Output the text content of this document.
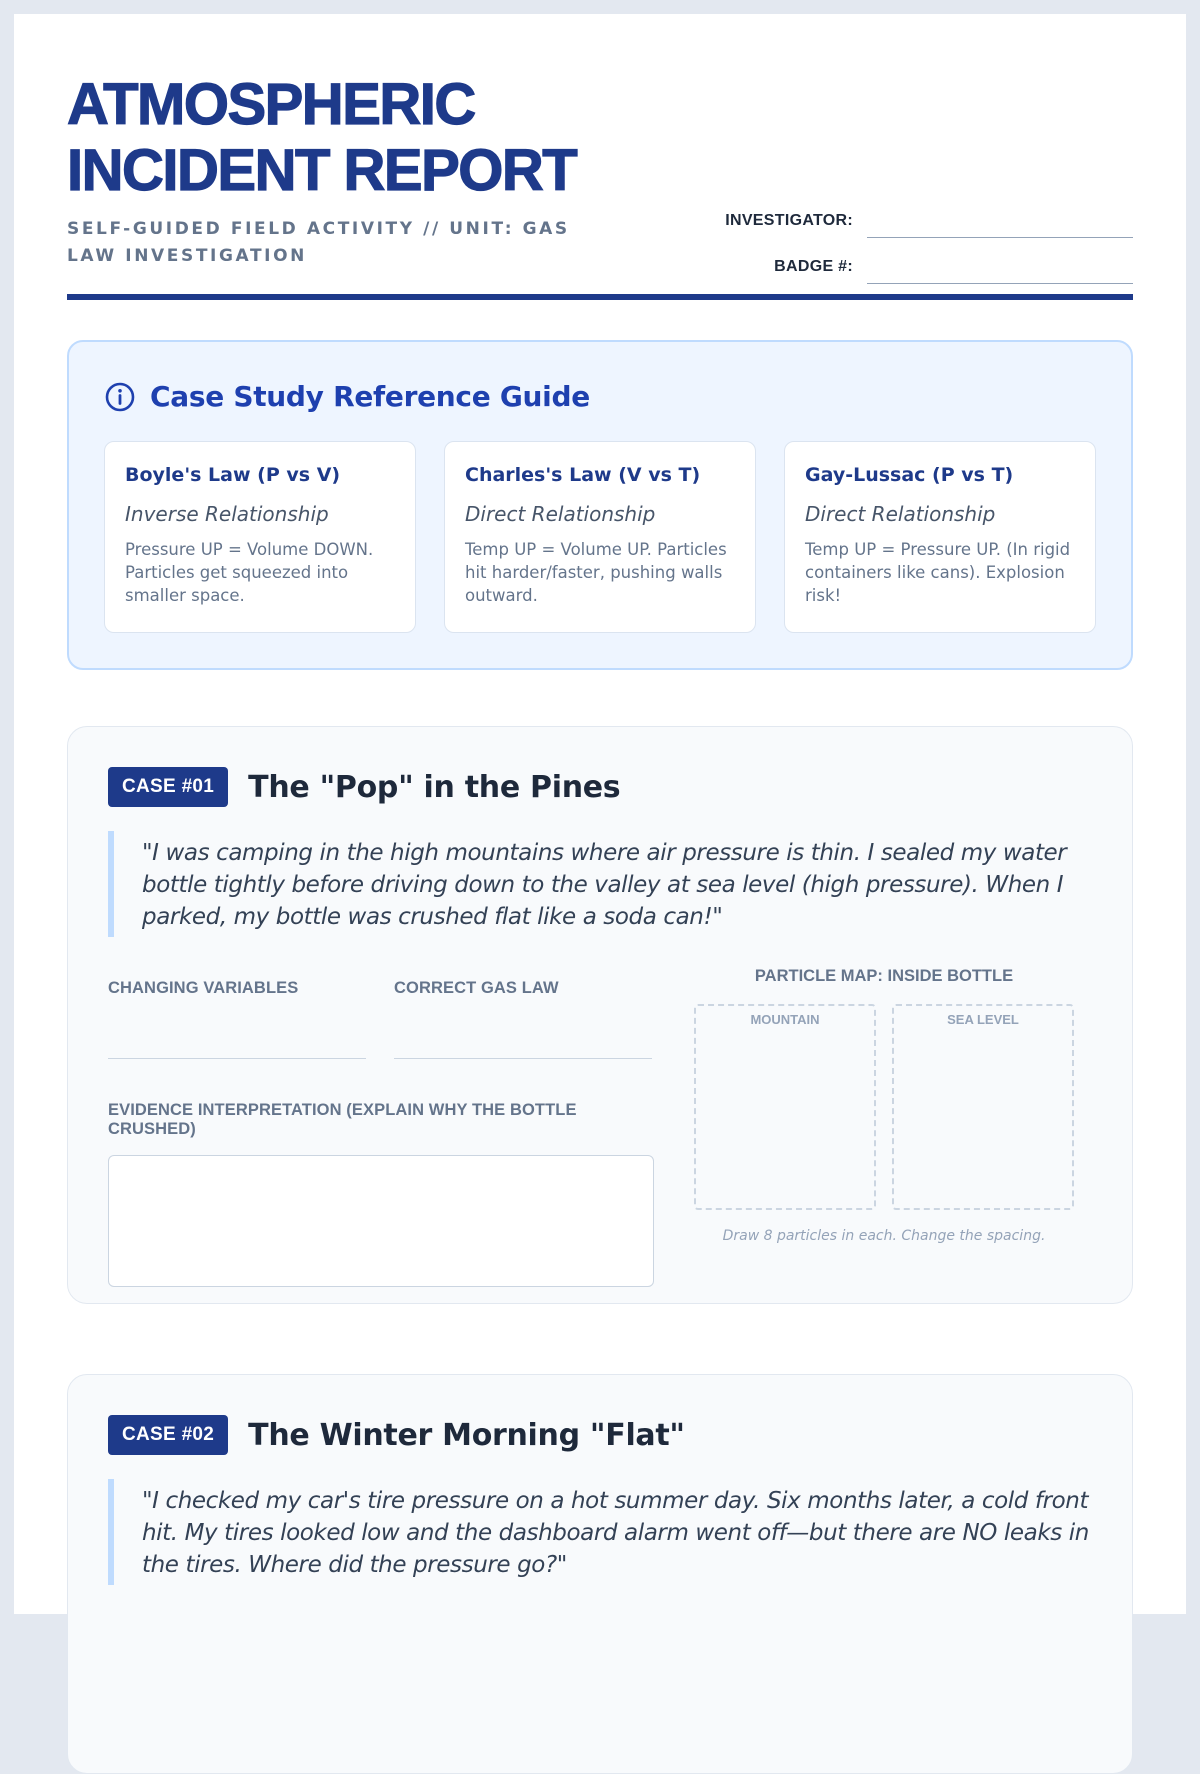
ATMOSPHERIC
INCIDENT REPORT
SELF-GUIDED FIELD ACTIVITY // UNIT: GAS LAW INVESTIGATION
INVESTIGATOR:
BADGE #:
Case Study Reference Guide
Boyle's Law (P vs V)
Inverse Relationship
Pressure UP = Volume DOWN. Particles get squeezed into smaller space.
Charles's Law (V vs T)
Direct Relationship
Temp UP = Volume UP. Particles hit harder/faster, pushing walls outward.
Gay-Lussac (P vs T)
Direct Relationship
Temp UP = Pressure UP. (In rigid containers like cans). Explosion risk!
CASE #01	The "Pop" in the Pines
"I was camping in the high mountains where air pressure is thin. I sealed my water bottle tightly before driving down to the valley at sea level (high pressure). When I parked, my bottle was crushed flat like a soda can!"
CHANGING VARIABLES	CORRECT GAS LAW
EVIDENCE INTERPRETATION (EXPLAIN WHY THE BOTTLE CRUSHED)
PARTICLE MAP: INSIDE BOTTLE
MOUNTAIN	SEA LEVEL
Draw 8 particles in each. Change the spacing.
CASE #02	The Winter Morning "Flat"
"I checked my car's tire pressure on a hot summer day. Six months later, a cold front hit. My tires looked low and the dashboard alarm went off—but there are NO leaks in the tires. Where did the pressure go?"
